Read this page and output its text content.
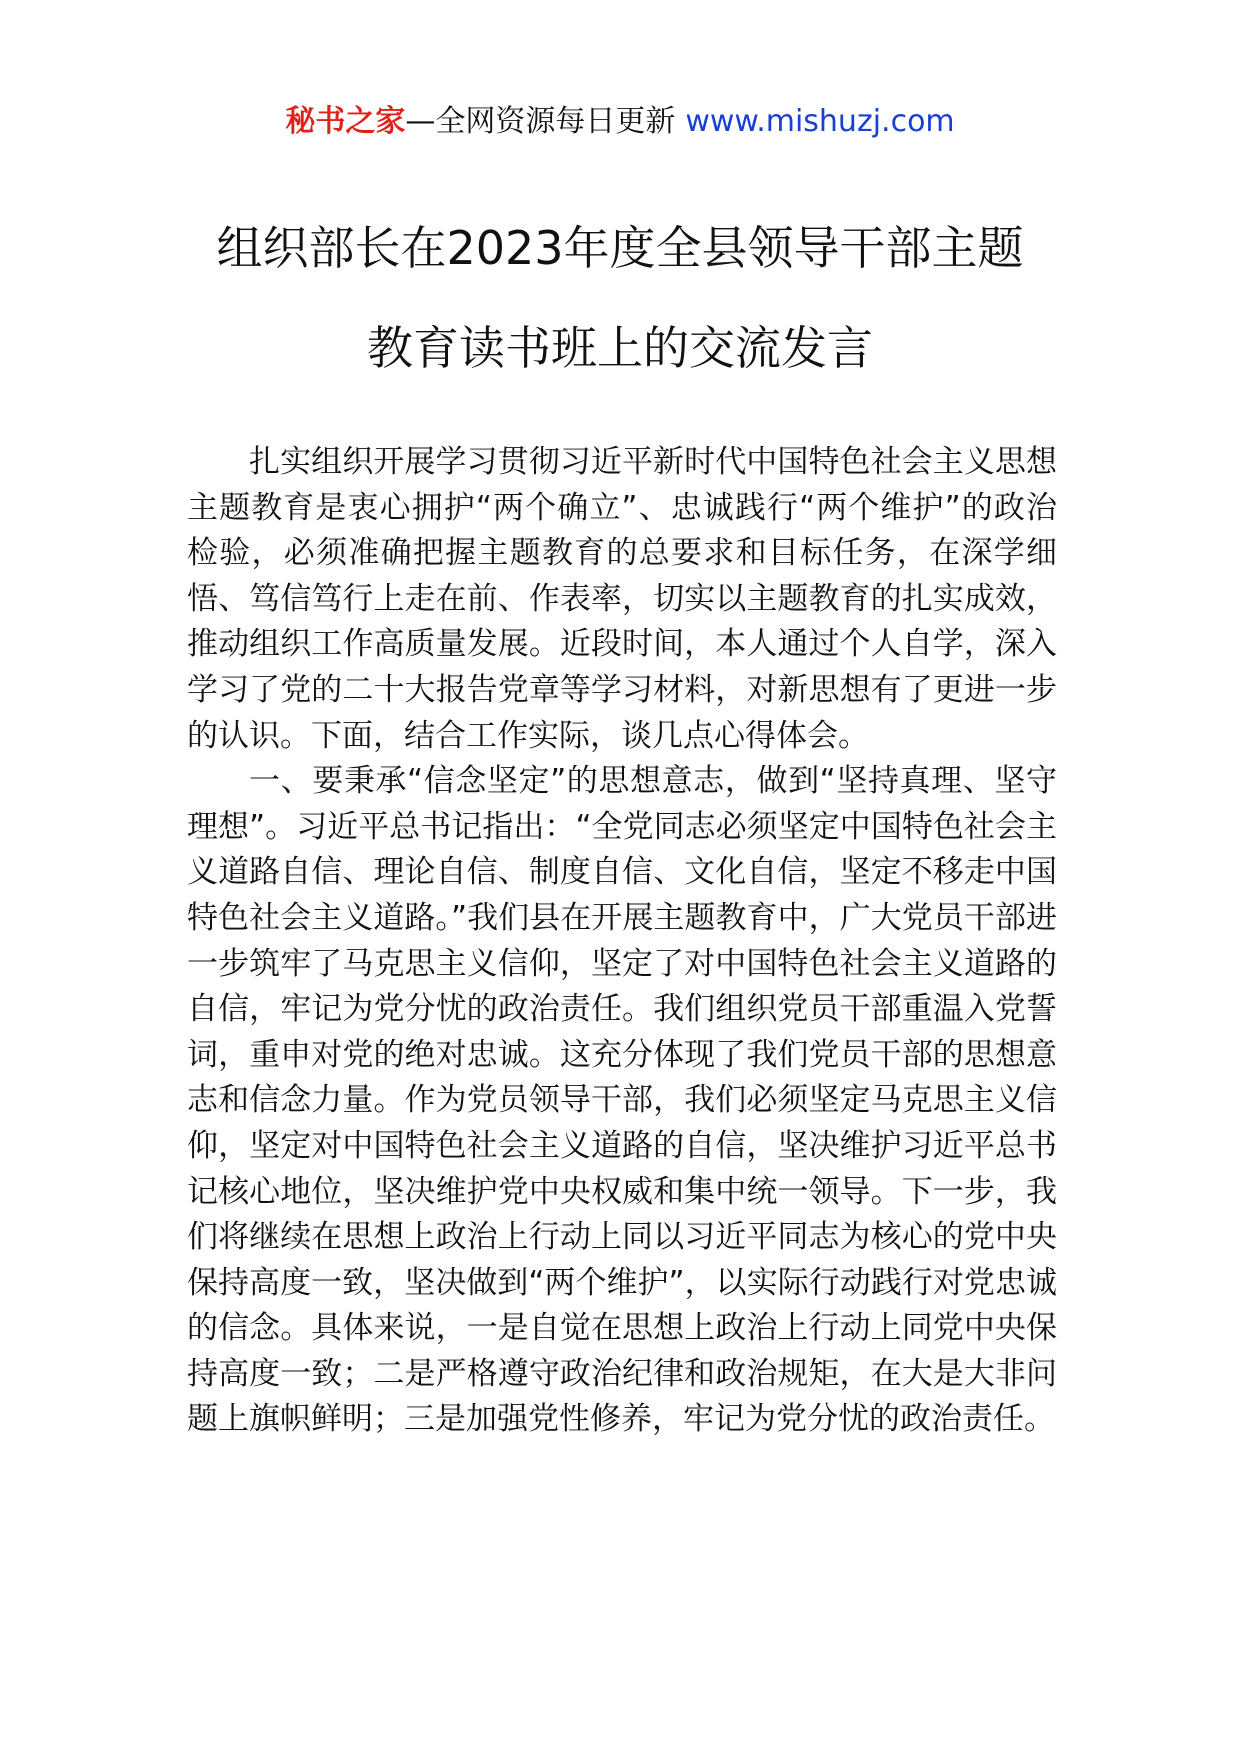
秘书之家—全网资源每日更新 www.mishuzj.com
组织部长在2023年度全县领导干部主题
教育读书班上的交流发言

扎实组织开展学习贯彻习近平新时代中国特色社会主义思想主题教育是衷心拥护“两个确立”、忠诚践行“两个维护”的政治检验，必须准确把握主题教育的总要求和目标任务，在深学细悟、笃信笃行上走在前、作表率，切实以主题教育的扎实成效，推动组织工作高质量发展。近段时间，本人通过个人自学，深入学习了党的二十大报告党章等学习材料，对新思想有了更进一步的认识。下面，结合工作实际，谈几点心得体会。

一、要秉承“信念坚定”的思想意志，做到“坚持真理、坚守理想”。习近平总书记指出：“全党同志必须坚定中国特色社会主义道路自信、理论自信、制度自信、文化自信，坚定不移走中国特色社会主义道路。”我们县在开展主题教育中，广大党员干部进一步筑牢了马克思主义信仰，坚定了对中国特色社会主义道路的自信，牢记为党分忧的政治责任。我们组织党员干部重温入党誓词，重申对党的绝对忠诚。这充分体现了我们党员干部的思想意志和信念力量。作为党员领导干部，我们必须坚定马克思主义信仰，坚定对中国特色社会主义道路的自信，坚决维护习近平总书记核心地位，坚决维护党中央权威和集中统一领导。下一步，我们将继续在思想上政治上行动上同以习近平同志为核心的党中央保持高度一致，坚决做到“两个维护”，以实际行动践行对党忠诚的信念。具体来说，一是自觉在思想上政治上行动上同党中央保持高度一致；二是严格遵守政治纪律和政治规矩，在大是大非问题上旗帜鲜明；三是加强党性修养，牢记为党分忧的政治责任。
